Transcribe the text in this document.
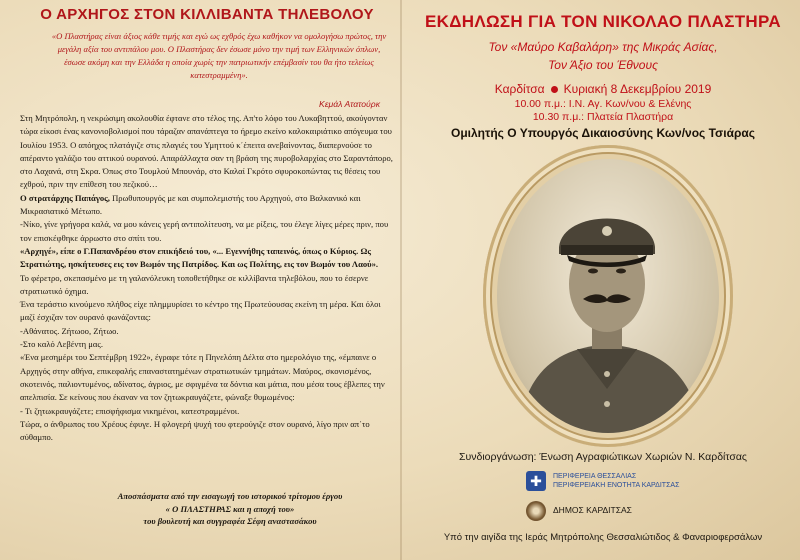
Ο ΑΡΧΗΓΟΣ ΣΤΟΝ ΚΙΛΛΙΒΑΝΤΑ ΤΗΛΕΒΟΛΟΥ
«Ο Πλαστήρας είναι άξιος κάθε τιμής και εγώ ως εχθρός έχω καθήκον να ομολογήσω πρώτος, την μεγάλη αξία του αντιπάλου μου. Ο Πλαστήρας δεν έσωσε μόνο την τιμή των Ελληνικών όπλων, έσωσε ακόμη και την Ελλάδα η οποία χωρίς την πατριωτικήν επέμβασίν του θα ήτο τελείως κατεστραμμένη».
Κεμάλ Ατατούρκ

Στη Μητρόπολη, η νεκρώσιμη ακολουθία έφτανε στο τέλος της. Απ'το λόφο του Λυκαβηττού, ακούγονταν τώρα είκοσι ένας κανονιοβολισμοί που τάραζαν απανάπτεγα το ήρεμο εκείνο καλοκαιριάτικο απόγευμα του Ιουλίου 1953. Ο απόηχος πλατάγιζε στις πλαγιές του Υμηττού κ΄έπειτα ανεβαίνοντας, διαπερνούσε το απέραντο γαλάζιο του αττικού ουρανού. Απαράλλαχτα σαν τη βράση της πυροβολαρχίας στο Σαραντάπορο, στο Λαχανά, στη Σκρα. Όπως στο Τουμλού Μπουνάρ, στο Καλαί Γκρότο σφυροκοπώντας τις θέσεις του εχθρού, πριν την επίθεση του πεζικού…

Ο στρατάρχης Παπάγος, Πρωθυπουργός με και συμπολεμιστής του Αρχηγού, στο Βαλκανικό και Μικρασιατικό Μέτωπο.

-Νίκο, γίνε γρήγορα καλά, να μου κάνεις γερή αντιπολίτευση, να με ρίξεις, του έλεγε λίγες μέρες πριν, που τον επισκέφθηκε άρρωστο στο σπίτι του.

«Αρχηγέ», είπε ο Γ.Παπανδρέου στον επικήδειό του, «... Εγεννήθης ταπεινός, όπως ο Κύριος. Ως Στρατιώτης, ησκήτευσες εις τον Βωμόν της Πατρίδος. Και ως Πολίτης, εις τον Βωμόν του Λαού».

Το φέρετρο, σκεπασμένο με τη γαλανόλευκη τοποθετήθηκε σε κιλλίβαντα τηλεβόλου, που το έσερνε στρατιωτικό όχημα.

Ένα τεράστιο κινούμενο πλήθος είχε πλημμυρίσει το κέντρο της Πρωτεύουσας εκείνη τη μέρα. Και όλοι μαζί έσχιζαν τον ουρανό φωνάζοντας:

-Αθάνατος. Ζήτωοο, Ζήτωο.

-Στο καλό Λεβέντη μας.

«Ένα μεσημέρι του Σεπτέμβρη 1922», έγραφε τότε η Πηνελόπη Δέλτα στο ημερολόγιο της, «έμπαινε ο Αρχηγός στην αθήνα, επικεφαλής επαναστατημένων στρατιωτικών τμημάτων. Μαύρος, σκονισμένος, σκοτεινός, παλιοντυμένος, αδίνατος, άγριος, με σφιγμένα τα δόντια και μάτια, που μέσα τους έβλεπες την απελπισία. Σε κείνους που έκαναν να τον ζητωκραυγάζετε, φώναξε θυμωμένος:

- Τι ζητωκραυγάζετε; επισφήφισμα νικημένοι, κατεστραμμένοι.

Τώρα, ο άνθρωπος του Χρέους έφυγε. Η φλογερή ψυχή του φτερούγιζε στον ουρανό, λίγο πριν απ΄το σύθαμπο.

Αποσπάσματα από την εισαγωγή του ιστορικού τρίτομου έργου
« Ο ΠΛΑΣΤΗΡΑΣ και η αποχή του»
του βουλευτή και συγγραφέα Σέφη αναστασάκου
ΕΚΔΗΛΩΣΗ ΓΙΑ ΤΟΝ ΝΙΚΟΛΑΟ ΠΛΑΣΤΗΡΑ
Τον «Μαύρο Καβαλάρη» της Μικράς Ασίας,
Τον Άξιο του Έθνους
Καρδίτσα Κυριακή 8 Δεκεμβρίου 2019
10.00 π.μ.: Ι.Ν. Αγ. Κων/νου & Ελένης
10.30 π.μ.: Πλατεία Πλαστήρα
Ομιλητής Ο Υπουργός Δικαιοσύνης Κων/νος Τσιάρας
Συνδιοργάνωση: Ένωση Αγραφιώτικων Χωριών Ν. Καρδίτσας
✚	ΠΕΡΙΦΕΡΕΙΑ ΘΕΣΣΑΛΙΑΣ
ΠΕΡΙΦΕΡΕΙΑΚΗ ΕΝΟΤΗΤΑ ΚΑΡΔΙΤΣΑΣ
ΔΗΜΟΣ ΚΑΡΔΙΤΣΑΣ
Υπό την αιγίδα της Ιεράς Μητρόπολης Θεσσαλιώτιδος & Φαναριοφερσάλων
